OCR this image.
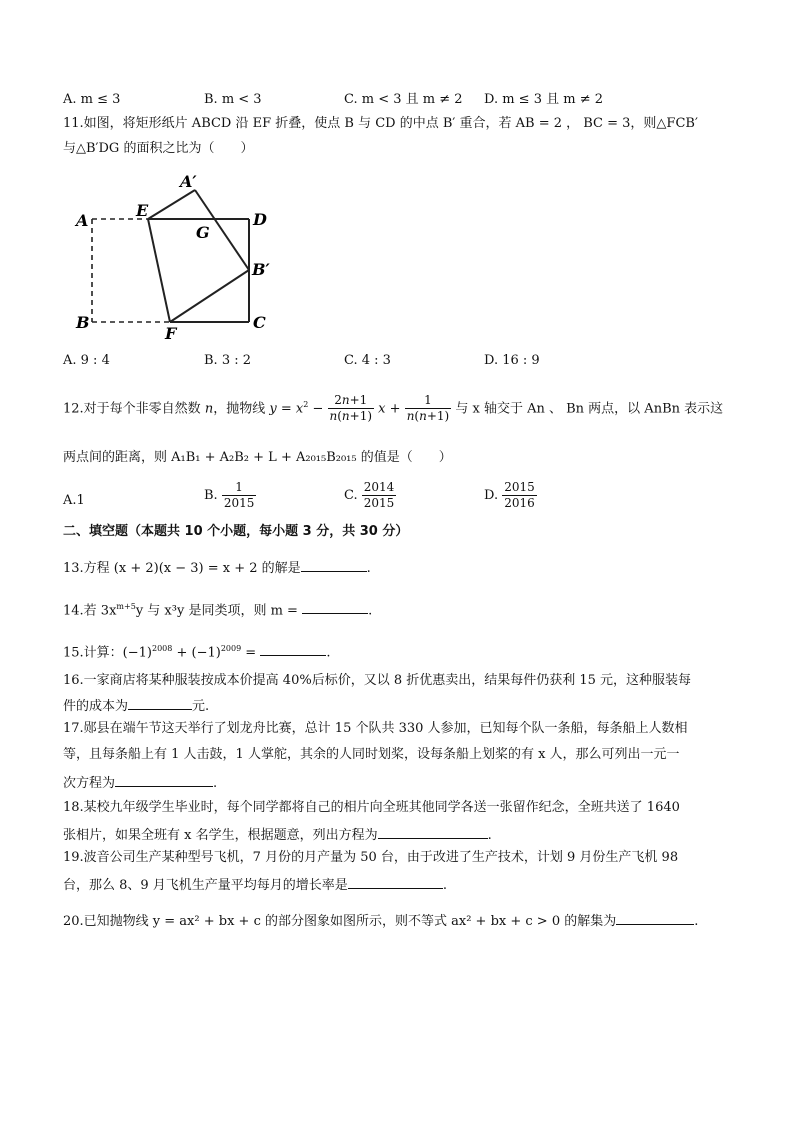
A. m ≤ 3	B. m < 3	C. m < 3 且 m ≠ 2 D. m ≤ 3 且 m ≠ 2
11.如图，将矩形纸片 ABCD 沿 EF 折叠，使点 B 与 CD 的中点 B′ 重合，若 AB = 2 ， BC = 3，则△FCB′
与△B′DG 的面积之比为（　　）
A′
A
E
G
D
B′
B
F
C
A. 9 : 4	B. 3 : 2	C. 4 : 3	D. 16 : 9
12.对于每个非零自然数 n，抛物线 $y = x^2 - \frac{2n+1}{n(n+1)}$ $x + \frac{1}{n(n+1)}$ 与 x 轴交于 An 、 Bn 两点，以 AnBn 表示这
两点间的距离，则 A₁B₁ + A₂B₂ + L + A₂₀₁₅B₂₀₁₅ 的值是（　　）
A.1	B. $\frac{1}{2015}$	C. $\frac{2014}{2015}$	D. $\frac{2015}{2016}$
二、填空题（本题共 10 个小题，每小题 3 分，共 30 分）
13.方程 (x + 2)(x − 3) = x + 2 的解是	.
14.若 $3x^{m+5}y$ 与 x³y 是同类项，则 m =	.
15.计算：$(-1)^{2008} + (-1)^{2009}$ =	.
16.一家商店将某种服装按成本价提高 40%后标价，又以 8 折优惠卖出，结果每件仍获利 15 元，这种服装每
件的成本为	元.
17.郧县在端午节这天举行了划龙舟比赛，总计 15 个队共 330 人参加，已知每个队一条船，每条船上人数相
等，且每条船上有 1 人击鼓，1 人掌舵，其余的人同时划桨，设每条船上划桨的有 x 人，那么可列出一元一
次方程为	.
18.某校九年级学生毕业时，每个同学都将自己的相片向全班其他同学各送一张留作纪念，全班共送了 1640
张相片，如果全班有 x 名学生，根据题意，列出方程为	.
19.波音公司生产某种型号飞机，7 月份的月产量为 50 台，由于改进了生产技术，计划 9 月份生产飞机 98
台，那么 8、9 月飞机生产量平均每月的增长率是	.
20.已知抛物线 y = ax² + bx + c 的部分图象如图所示，则不等式 ax² + bx + c > 0 的解集为	.
